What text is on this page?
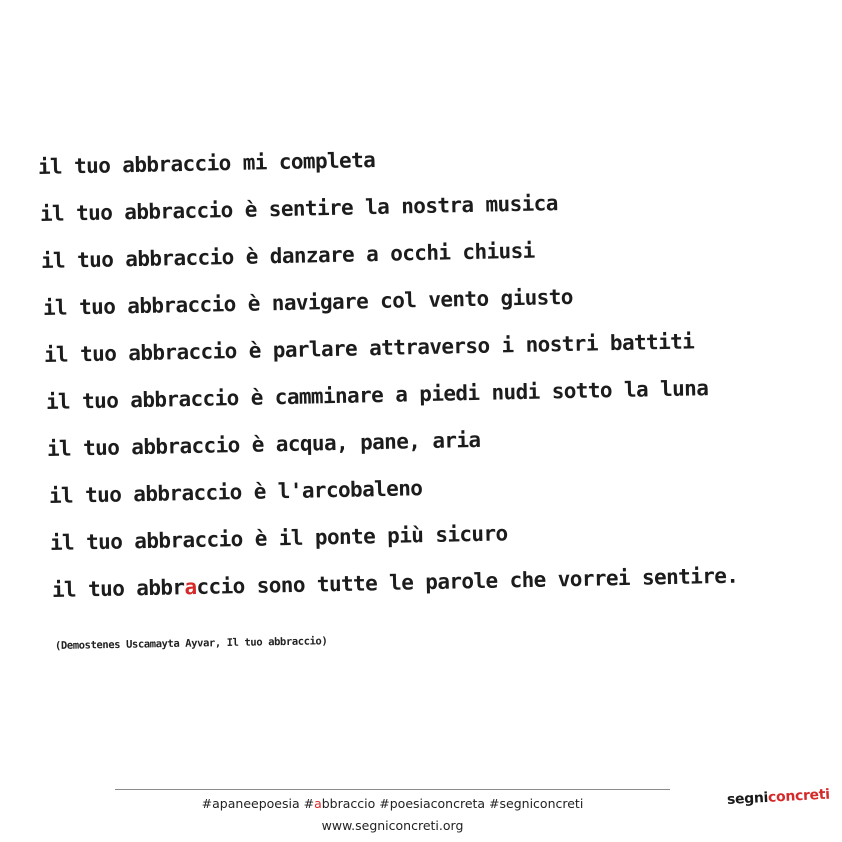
il tuo abbraccio mi completa
il tuo abbraccio è sentire la nostra musica
il tuo abbraccio è danzare a occhi chiusi
il tuo abbraccio è navigare col vento giusto
il tuo abbraccio è parlare attraverso i nostri battiti
il tuo abbraccio è camminare a piedi nudi sotto la luna
il tuo abbraccio è acqua, pane, aria
il tuo abbraccio è l'arcobaleno
il tuo abbraccio è il ponte più sicuro
il tuo abbraccio sono tutte le parole che vorrei sentire.
(Demostenes Uscamayta Ayvar, Il tuo abbraccio)
#apaneepoesia #abbraccio #poesiaconcreta #segniconcreti
www.segniconcreti.org
segniconcreti
